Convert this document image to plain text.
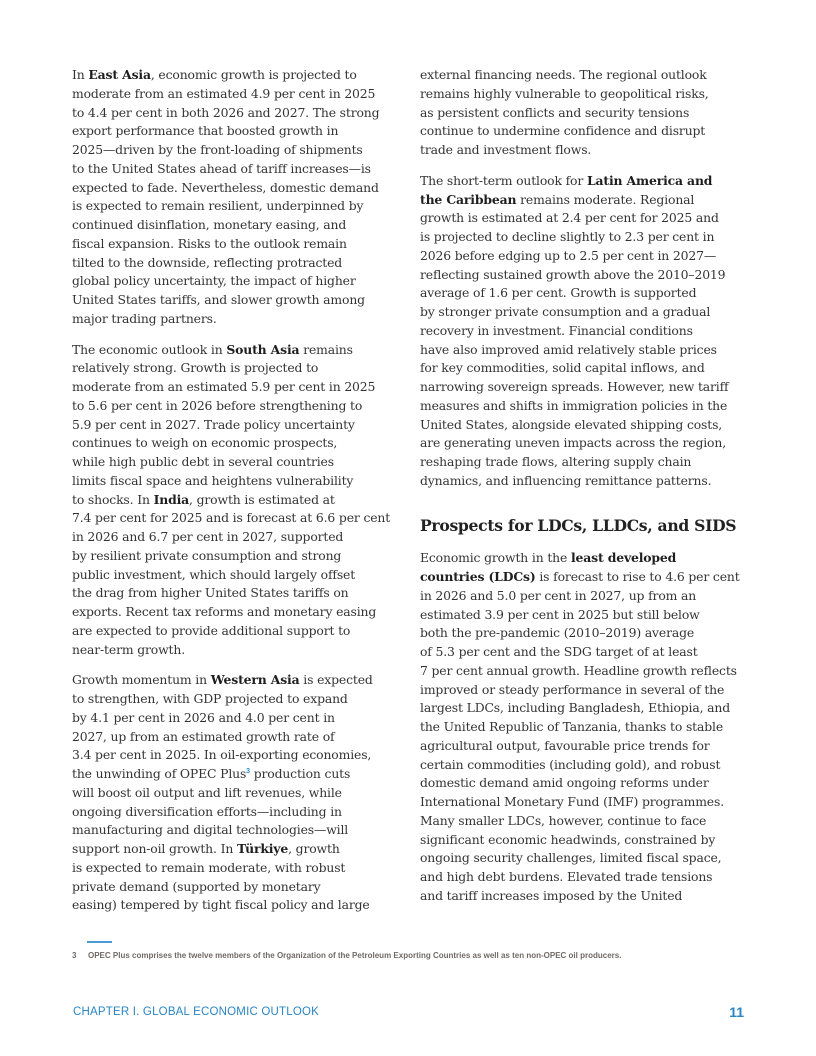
In East Asia, economic growth is projected to
moderate from an estimated 4.9 per cent in 2025
to 4.4 per cent in both 2026 and 2027. The strong
export performance that boosted growth in
2025—driven by the front-loading of shipments
to the United States ahead of tariff increases—is
expected to fade. Nevertheless, domestic demand
is expected to remain resilient, underpinned by
continued disinflation, monetary easing, and
fiscal expansion. Risks to the outlook remain
tilted to the downside, reflecting protracted
global policy uncertainty, the impact of higher
United States tariffs, and slower growth among
major trading partners.
The economic outlook in South Asia remains
relatively strong. Growth is projected to
moderate from an estimated 5.9 per cent in 2025
to 5.6 per cent in 2026 before strengthening to
5.9 per cent in 2027. Trade policy uncertainty
continues to weigh on economic prospects,
while high public debt in several countries
limits fiscal space and heightens vulnerability
to shocks. In India, growth is estimated at
7.4 per cent for 2025 and is forecast at 6.6 per cent
in 2026 and 6.7 per cent in 2027, supported
by resilient private consumption and strong
public investment, which should largely offset
the drag from higher United States tariffs on
exports. Recent tax reforms and monetary easing
are expected to provide additional support to
near-term growth.
Growth momentum in Western Asia is expected
to strengthen, with GDP projected to expand
by 4.1 per cent in 2026 and 4.0 per cent in
2027, up from an estimated growth rate of
3.4 per cent in 2025. In oil-exporting economies,
the unwinding of OPEC Plus$^3$ production cuts
will boost oil output and lift revenues, while
ongoing diversification efforts—including in
manufacturing and digital technologies—will
support non-oil growth. In Türkiye, growth
is expected to remain moderate, with robust
private demand (supported by monetary
easing) tempered by tight fiscal policy and large
external financing needs. The regional outlook
remains highly vulnerable to geopolitical risks,
as persistent conflicts and security tensions
continue to undermine confidence and disrupt
trade and investment flows.
The short-term outlook for Latin America and
the Caribbean remains moderate. Regional
growth is estimated at 2.4 per cent for 2025 and
is projected to decline slightly to 2.3 per cent in
2026 before edging up to 2.5 per cent in 2027—
reflecting sustained growth above the 2010–2019
average of 1.6 per cent. Growth is supported
by stronger private consumption and a gradual
recovery in investment. Financial conditions
have also improved amid relatively stable prices
for key commodities, solid capital inflows, and
narrowing sovereign spreads. However, new tariff
measures and shifts in immigration policies in the
United States, alongside elevated shipping costs,
are generating uneven impacts across the region,
reshaping trade flows, altering supply chain
dynamics, and influencing remittance patterns.
Prospects for LDCs, LLDCs, and SIDS
Economic growth in the least developed
countries (LDCs) is forecast to rise to 4.6 per cent
in 2026 and 5.0 per cent in 2027, up from an
estimated 3.9 per cent in 2025 but still below
both the pre-pandemic (2010–2019) average
of 5.3 per cent and the SDG target of at least
7 per cent annual growth. Headline growth reflects
improved or steady performance in several of the
largest LDCs, including Bangladesh, Ethiopia, and
the United Republic of Tanzania, thanks to stable
agricultural output, favourable price trends for
certain commodities (including gold), and robust
domestic demand amid ongoing reforms under
International Monetary Fund (IMF) programmes.
Many smaller LDCs, however, continue to face
significant economic headwinds, constrained by
ongoing security challenges, limited fiscal space,
and high debt burdens. Elevated trade tensions
and tariff increases imposed by the United
3 OPEC Plus comprises the twelve members of the Organization of the Petroleum Exporting Countries as well as ten non-OPEC oil producers.
CHAPTER I. GLOBAL ECONOMIC OUTLOOK	11
